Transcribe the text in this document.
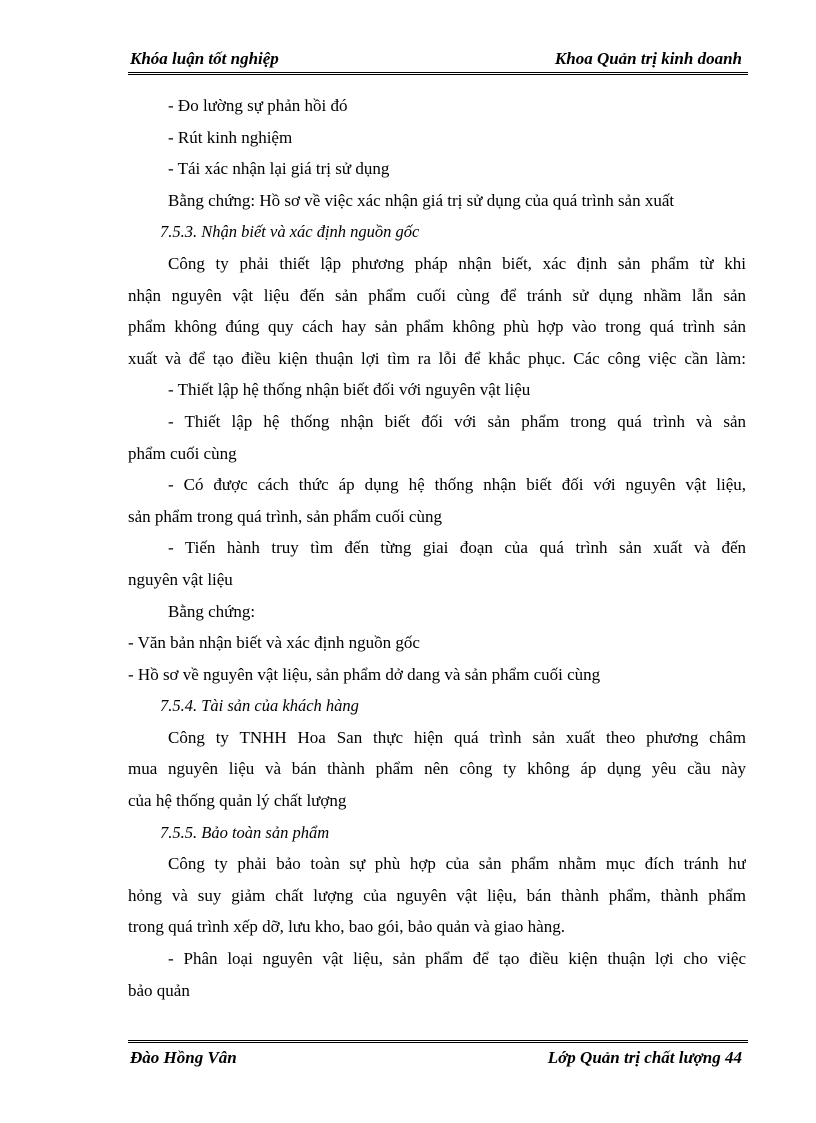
Khóa luận tốt nghiệp	Khoa Quản trị kinh doanh
- Đo lường sự phản hồi đó
- Rút kinh nghiệm
- Tái xác nhận lại giá trị sử dụng
Bằng chứng: Hồ sơ về việc xác nhận giá trị sử dụng của quá trình sản xuất
7.5.3. Nhận biết và xác định nguồn gốc
Công ty phải thiết lập phương pháp nhận biết, xác định sản phẩm từ khi
nhận nguyên vật liệu đến sản phẩm cuối cùng để tránh sử dụng nhầm lẫn sản
phẩm không đúng quy cách hay sản phẩm không phù hợp vào trong quá trình sản
xuất và để tạo điều kiện thuận lợi tìm ra lỗi để khắc phục. Các công việc cần làm:
- Thiết lập hệ thống nhận biết đối với nguyên vật liệu
- Thiết lập hệ thống nhận biết đối với sản phẩm trong quá trình và sản
phẩm cuối cùng
- Có được cách thức áp dụng hệ thống nhận biết đối với nguyên vật liệu,
sản phẩm trong quá trình, sản phẩm cuối cùng
- Tiến hành truy tìm đến từng giai đoạn của quá trình sản xuất và đến
nguyên vật liệu
Bằng chứng:
- Văn bản nhận biết và xác định nguồn gốc
- Hồ sơ về nguyên vật liệu, sản phẩm dở dang và sản phẩm cuối cùng
7.5.4. Tài sản của khách hàng
Công ty TNHH Hoa San thực hiện quá trình sản xuất theo phương châm
mua nguyên liệu và bán thành phẩm nên công ty không áp dụng yêu cầu này
của hệ thống quản lý chất lượng
7.5.5. Bảo toàn sản phẩm
Công ty phải bảo toàn sự phù hợp của sản phẩm nhằm mục đích tránh hư
hỏng và suy giảm chất lượng của nguyên vật liệu, bán thành phẩm, thành phẩm
trong quá trình xếp dỡ, lưu kho, bao gói, bảo quản và giao hàng.
- Phân loại nguyên vật liệu, sản phẩm để tạo điều kiện thuận lợi cho việc
bảo quản
Đào Hồng Vân	Lớp Quản trị chất lượng 44
